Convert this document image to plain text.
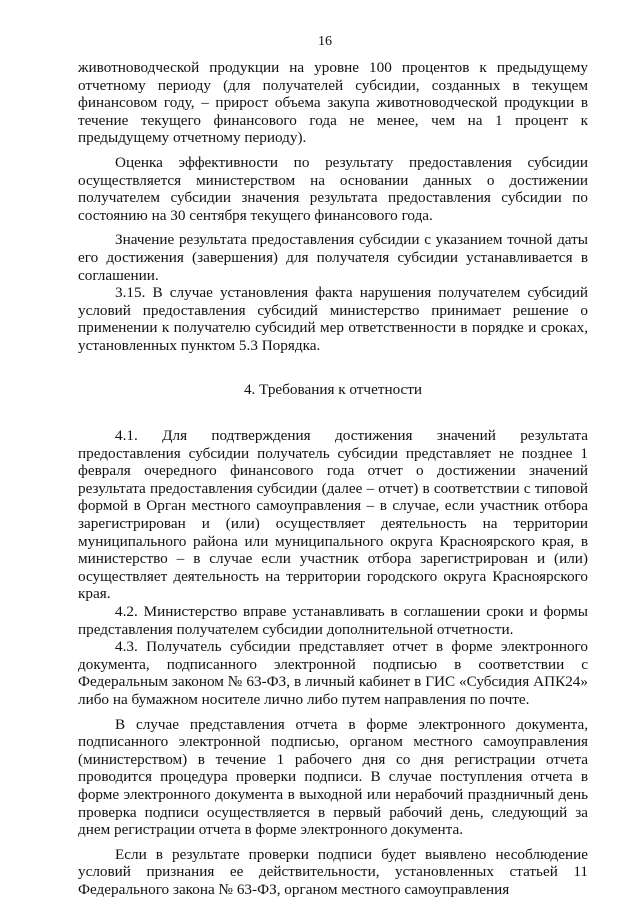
16

животноводческой продукции на уровне 100 процентов к предыдущему отчетному периоду (для получателей субсидии, созданных в текущем финансовом году, – прирост объема закупа животноводческой продукции в течение текущего финансового года не менее, чем на 1 процент к предыдущему отчетному периоду).

Оценка эффективности по результату предоставления субсидии осуществляется министерством на основании данных о достижении получателем субсидии значения результата предоставления субсидии по состоянию на 30 сентября текущего финансового года.

Значение результата предоставления субсидии с указанием точной даты его достижения (завершения) для получателя субсидии устанавливается в соглашении.

3.15. В случае установления факта нарушения получателем субсидий условий предоставления субсидий министерство принимает решение о применении к получателю субсидий мер ответственности в порядке и сроках, установленных пунктом 5.3 Порядка.

4. Требования к отчетности

4.1. Для подтверждения достижения значений результата предоставления субсидии получатель субсидии представляет не позднее 1 февраля очередного финансового года отчет о достижении значений результата предоставления субсидии (далее – отчет) в соответствии с типовой формой в Орган местного самоуправления – в случае, если участник отбора зарегистрирован и (или) осуществляет деятельность на территории муниципального района или муниципального округа Красноярского края, в министерство – в случае если участник отбора зарегистрирован и (или) осуществляет деятельность на территории городского округа Красноярского края.

4.2. Министерство вправе устанавливать в соглашении сроки и формы представления получателем субсидии дополнительной отчетности.

4.3. Получатель субсидии представляет отчет в форме электронного документа, подписанного электронной подписью в соответствии с Федеральным законом № 63-ФЗ, в личный кабинет в ГИС «Субсидия АПК24» либо на бумажном носителе лично либо путем направления по почте.

В случае представления отчета в форме электронного документа, подписанного электронной подписью, органом местного самоуправления (министерством) в течение 1 рабочего дня со дня регистрации отчета проводится процедура проверки подписи. В случае поступления отчета в форме электронного документа в выходной или нерабочий праздничный день проверка подписи осуществляется в первый рабочий день, следующий за днем регистрации отчета в форме электронного документа.

Если в результате проверки подписи будет выявлено несоблюдение условий признания ее действительности, установленных статьей 11 Федерального закона № 63-ФЗ, органом местного самоуправления
